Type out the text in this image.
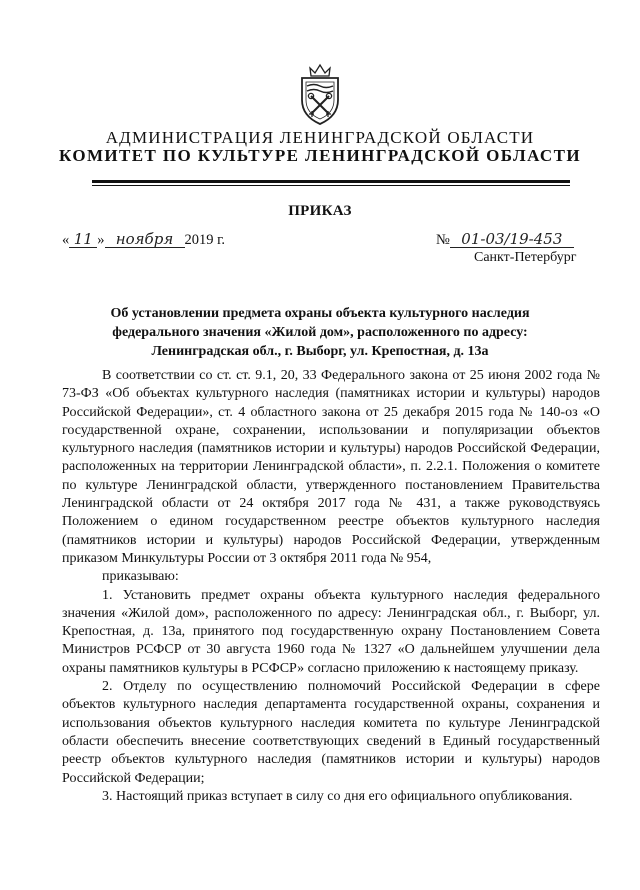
АДМИНИСТРАЦИЯ ЛЕНИНГРАДСКОЙ ОБЛАСТИ
КОМИТЕТ ПО КУЛЬТУРЕ ЛЕНИНГРАДСКОЙ ОБЛАСТИ
ПРИКАЗ
« 11 » ноября 2019 г.	№ 01-03/19-453
Санкт-Петербург
Об установлении предмета охраны объекта культурного наследия
федерального значения «Жилой дом», расположенного по адресу:
Ленинградская обл., г. Выборг, ул. Крепостная, д. 13а

В соответствии со ст. ст. 9.1, 20, 33 Федерального закона от 25 июня 2002 года № 73-ФЗ «Об объектах культурного наследия (памятниках истории и культуры) народов Российской Федерации», ст. 4 областного закона от 25 декабря 2015 года № 140-оз «О государственной охране, сохранении, использовании и популяризации объектов культурного наследия (памятников истории и культуры) народов Российской Федерации, расположенных на территории Ленинградской области», п. 2.2.1. Положения о комитете по культуре Ленинградской области, утвержденного постановлением Правительства Ленинградской области от 24 октября 2017 года № 431, а также руководствуясь Положением о едином государственном реестре объектов культурного наследия (памятников истории и культуры) народов Российской Федерации, утвержденным приказом Минкультуры России от 3 октября 2011 года № 954,

приказываю:

1. Установить предмет охраны объекта культурного наследия федерального значения «Жилой дом», расположенного по адресу: Ленинградская обл., г. Выборг, ул. Крепостная, д. 13а, принятого под государственную охрану Постановлением Совета Министров РСФСР от 30 августа 1960 года № 1327 «О дальнейшем улучшении дела охраны памятников культуры в РСФСР» согласно приложению к настоящему приказу.

2. Отделу по осуществлению полномочий Российской Федерации в сфере объектов культурного наследия департамента государственной охраны, сохранения и использования объектов культурного наследия комитета по культуре Ленинградской области обеспечить внесение соответствующих сведений в Единый государственный реестр объектов культурного наследия (памятников истории и культуры) народов Российской Федерации;

3. Настоящий приказ вступает в силу со дня его официального опубликования.
